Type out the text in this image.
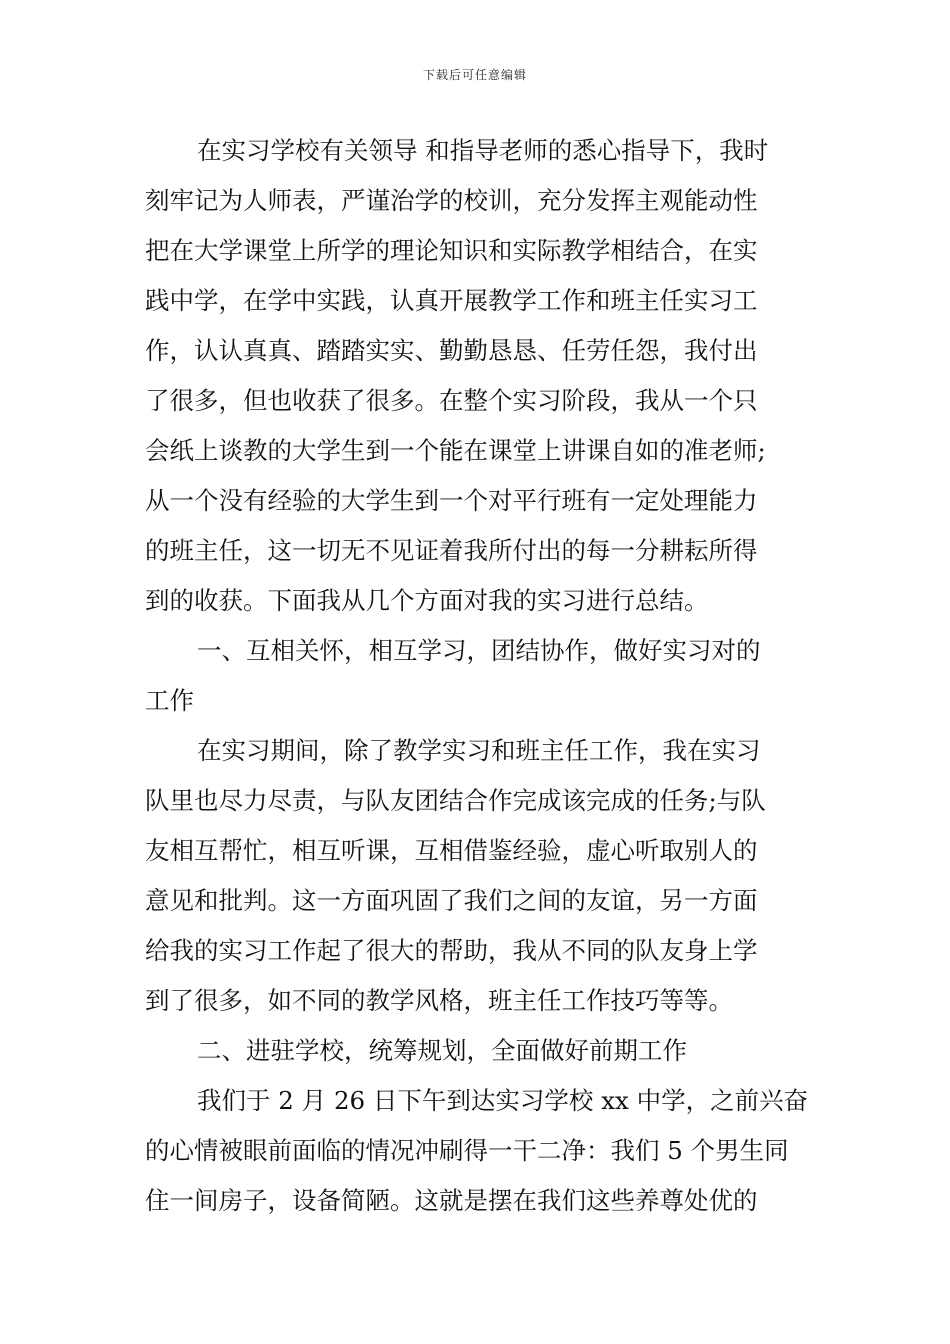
下载后可任意编辑
在实习学校有关领导 和指导老师的悉心指导下，我时
刻牢记为人师表，严谨治学的校训，充分发挥主观能动性
把在大学课堂上所学的理论知识和实际教学相结合，在实
践中学，在学中实践，认真开展教学工作和班主任实习工
作，认认真真、踏踏实实、勤勤恳恳、任劳任怨，我付出
了很多，但也收获了很多。在整个实习阶段，我从一个只
会纸上谈教的大学生到一个能在课堂上讲课自如的准老师;
从一个没有经验的大学生到一个对平行班有一定处理能力
的班主任，这一切无不见证着我所付出的每一分耕耘所得
到的收获。下面我从几个方面对我的实习进行总结。
一、互相关怀，相互学习，团结协作，做好实习对的
工作
在实习期间，除了教学实习和班主任工作，我在实习
队里也尽力尽责，与队友团结合作完成该完成的任务;与队
友相互帮忙，相互听课，互相借鉴经验，虚心听取别人的
意见和批判。这一方面巩固了我们之间的友谊，另一方面
给我的实习工作起了很大的帮助，我从不同的队友身上学
到了很多，如不同的教学风格，班主任工作技巧等等。
二、进驻学校，统筹规划，全面做好前期工作
我们于 2 月 26 日下午到达实习学校 xx 中学，之前兴奋
的心情被眼前面临的情况冲刷得一干二净：我们 5 个男生同
住一间房子，设备简陋。这就是摆在我们这些养尊处优的
